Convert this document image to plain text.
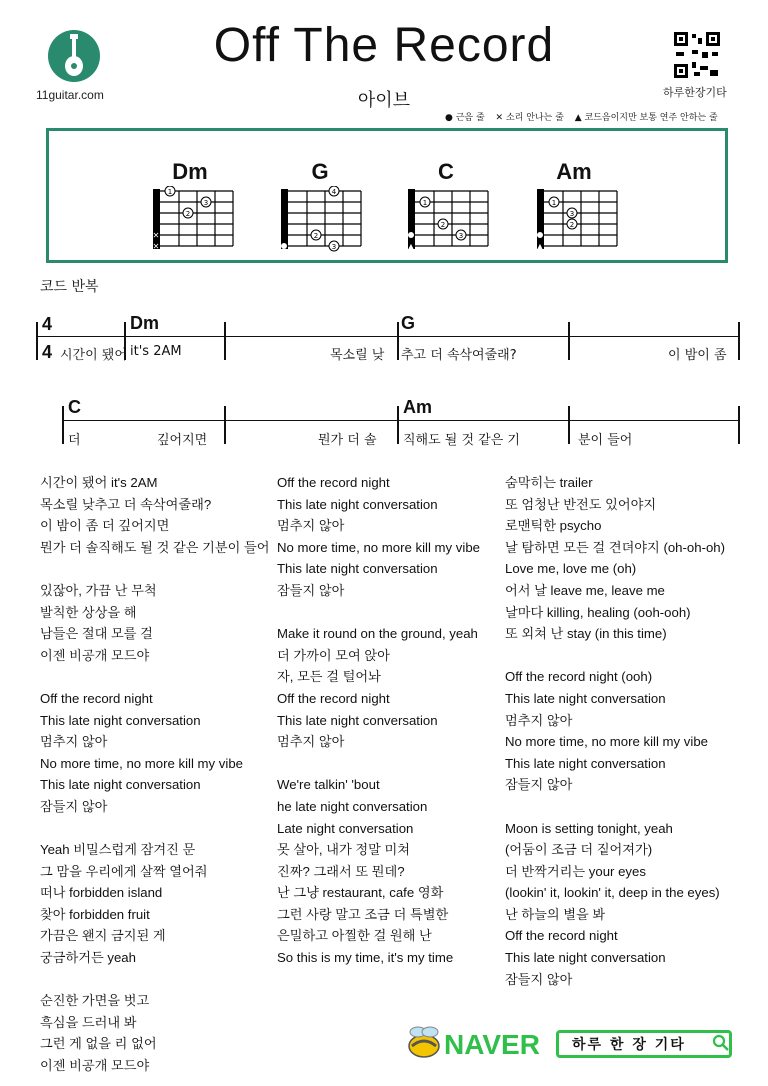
11guitar.com
Off The Record
아이브	하루한장기타
● 근음 줄 ✕ 소리 안나는 줄 ▲ 코드음이지만 보통 연주 안하는 줄
Dm	G	C	Am
1
2
3
✕
✕
4
2
3
1
2
3
▲
1
3
2
▲
코드 반복
4
4
Dm	G
시간이 됐어 it's 2AM	목소릴 낮 추고 더 속삭여줄래?	이 밤이 좀
C	Am
더	깊어지면	뭔가 더 솔 직해도 될 것 같은 기	분이 들어
시간이 됐어 it's 2AM
목소릴 낮추고 더 속삭여줄래?
이 밤이 좀 더 깊어지면
뭔가 더 솔직해도 될 것 같은 기분이 들어
있잖아, 가끔 난 무척
발칙한 상상을 해
남들은 절대 모를 걸
이젠 비공개 모드야
Off the record night
This late night conversation
멈추지 않아
No more time, no more kill my vibe
This late night conversation
잠들지 않아
Yeah 비밀스럽게 잠겨진 문
그 맘을 우리에게 살짝 열어줘
떠나 forbidden island
찾아 forbidden fruit
가끔은 왠지 금지된 게
궁금하거든 yeah
순진한 가면을 벗고
흑심을 드러내 봐
그런 게 없을 리 없어
이젠 비공개 모드야
Off the record night
This late night conversation
멈추지 않아
No more time, no more kill my vibe
This late night conversation
잠들지 않아
Make it round on the ground, yeah
더 가까이 모여 앉아
자, 모든 걸 털어놔
Off the record night
This late night conversation
멈추지 않아
We're talkin' 'bout
he late night conversation
Late night conversation
못 살아, 내가 정말 미쳐
진짜? 그래서 또 뭔데?
난 그냥 restaurant, cafe 영화
그런 사랑 말고 조금 더 특별한
은밀하고 아찔한 걸 원해 난
So this is my time, it's my time
숨막히는 trailer
또 엄청난 반전도 있어야지
로맨틱한 psycho
날 탐하면 모든 걸 견뎌야지 (oh-oh-oh)
Love me, love me (oh)
어서 날 leave me, leave me
날마다 killing, healing (ooh-ooh)
또 외쳐 난 stay (in this time)
Off the record night (ooh)
This late night conversation
멈추지 않아
No more time, no more kill my vibe
This late night conversation
잠들지 않아
Moon is setting tonight, yeah
(어둠이 조금 더 짙어져가)
더 반짝거리는 your eyes
(lookin' it, lookin' it, deep in the eyes)
난 하늘의 별을 봐
Off the record night
This late night conversation
잠들지 않아
NAVER 하루 한 장 기타
